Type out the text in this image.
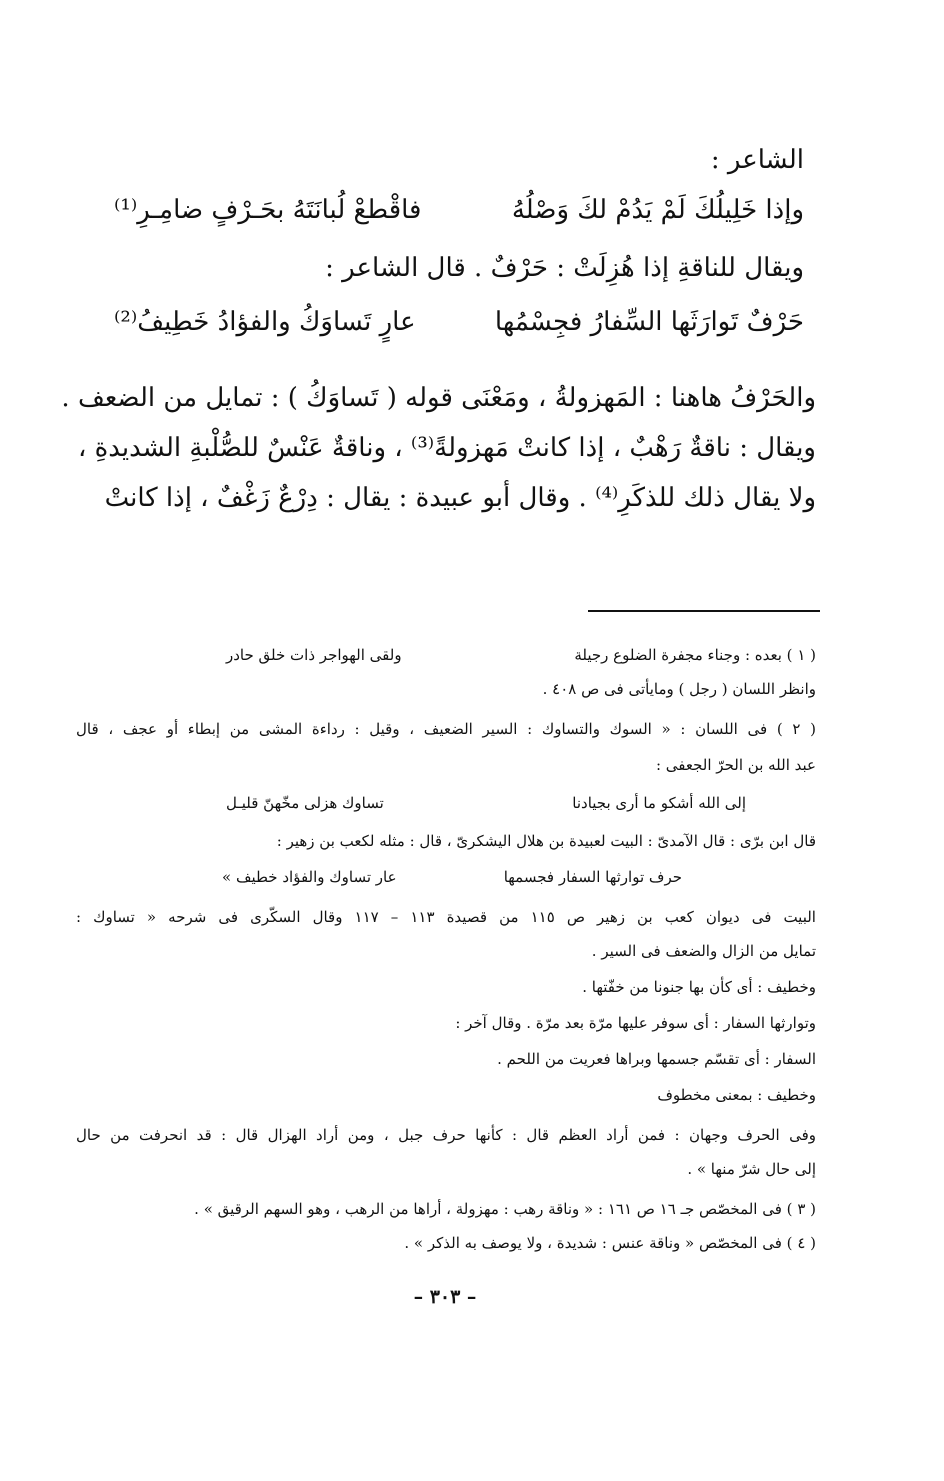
الشاعر :
وإذا خَلِيلُكَ لَمْ يَدُمْ لكَ وَصْلُهُ
فاقْطعْ لُبانَتَهُ بحَـرْفٍ ضامِـرِ⁽¹⁾
ويقال للناقةِ إذا هُزِلَتْ : حَرْفٌ . قال الشاعر :
حَرْفٌ تَوارَثَها السِّفارُ فجِسْمُها
عارٍ تَساوَكُ والفؤادُ خَطِيفُ⁽²⁾
والحَرْفُ هاهنا : المَهزولةُ ، ومَعْنَى قوله ( تَساوَكُ ) : تمايل من الضعف .
ويقال : ناقةٌ رَهْبٌ ، إذا كانتْ مَهزولةً⁽³⁾ ، وناقةٌ عَنْسٌ للصُّلْبةِ الشديدةِ ،
ولا يقال ذلك للذكَرِ⁽⁴⁾ . وقال أبو عبيدة : يقال : دِرْعٌ زَغْفٌ ، إذا كانتْ
( ١ ) بعده : وجناء مجفرة الضلوع رجيلة
ولقى الهواجر ذات خلق حادر
وانظر اللسان ( رجل ) ومايأتى فى ص ٤٠٨ .
( ٢ ) فى اللسان : « السوك والتساوك : السير الضعيف ، وقيل : رداءة المشى من إبطاء أو عجف ، قال
عبد الله بن الحرّ الجعفى :
إلى الله أشكو ما أرى بجيادنا
تساوك هزلى مخّهنّ قليـل
قال ابن برّى : قال الآمدىّ : البيت لعبيدة بن هلال اليشكرىّ ، قال : مثله لكعب بن زهير :
حرف توارثها السفار فجسمها
عار تساوك والفؤاد خطيف »
البيت فى ديوان كعب بن زهير ص ١١٥ من قصيدة ١١٣ – ١١٧ وقال السكّرى فى شرحه « تساوك :
تمايل من الزال والضعف فى السير .
وخطيف : أى كأن بها جنونا من خفّتها .
وتوارثها السفار : أى سوفر عليها مرّة بعد مرّة . وقال آخر :
السفار : أى تقسّم جسمها وبراها فعريت من اللحم .
وخطيف : بمعنى مخطوف
وفى الحرف وجهان : فمن أراد العظم قال : كأنها حرف جبل ، ومن أراد الهزال قال : قد انحرفت من حال
إلى حال شرّ منها » .
( ٣ ) فى المخصّص جـ ١٦ ص ١٦١ : « وناقة رهب : مهزولة ، أراها من الرهب ، وهو السهم الرقيق » .
( ٤ ) فى المخصّص « وناقة عنس : شديدة ، ولا يوصف به الذكر » .
– ٣٠٣ –
